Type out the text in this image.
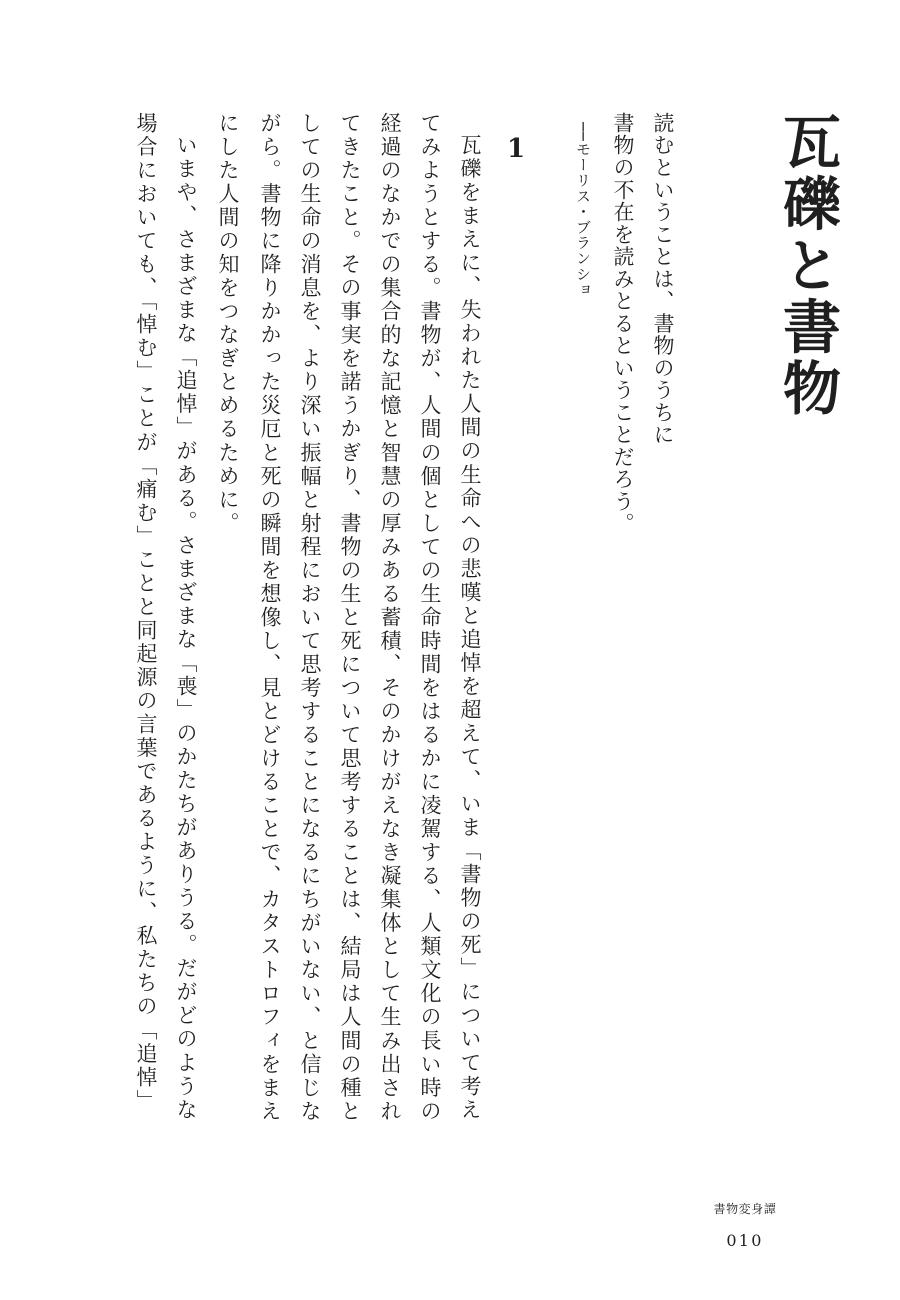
瓦礫と書物

読むということは、書物のうちに

書物の不在を読みとるということだろう。

──モーリス・ブランショ

1

瓦礫をまえに、失われた人間の生命への悲嘆と追悼を超えて、いま「書物の死」について考え

てみようとする。書物が、人間の個としての生命時間をはるかに凌駕する、人類文化の長い時の

経過のなかでの集合的な記憶と智慧の厚みある蓄積、そのかけがえなき凝集体として生み出され

てきたこと。その事実を諾うかぎり、書物の生と死について思考することは、結局は人間の種と

しての生命の消息を、より深い振幅と射程において思考することになるにちがいない、と信じな

がら。書物に降りかかった災厄と死の瞬間を想像し、見とどけることで、カタストロフィをまえ

にした人間の知をつなぎとめるために。

いまや、さまざまな「追悼」がある。さまざまな「喪」のかたちがありうる。だがどのような

場合においても、「悼む」ことが「痛む」ことと同起源の言葉であるように、私たちの「追悼」

書物変身譚
010
